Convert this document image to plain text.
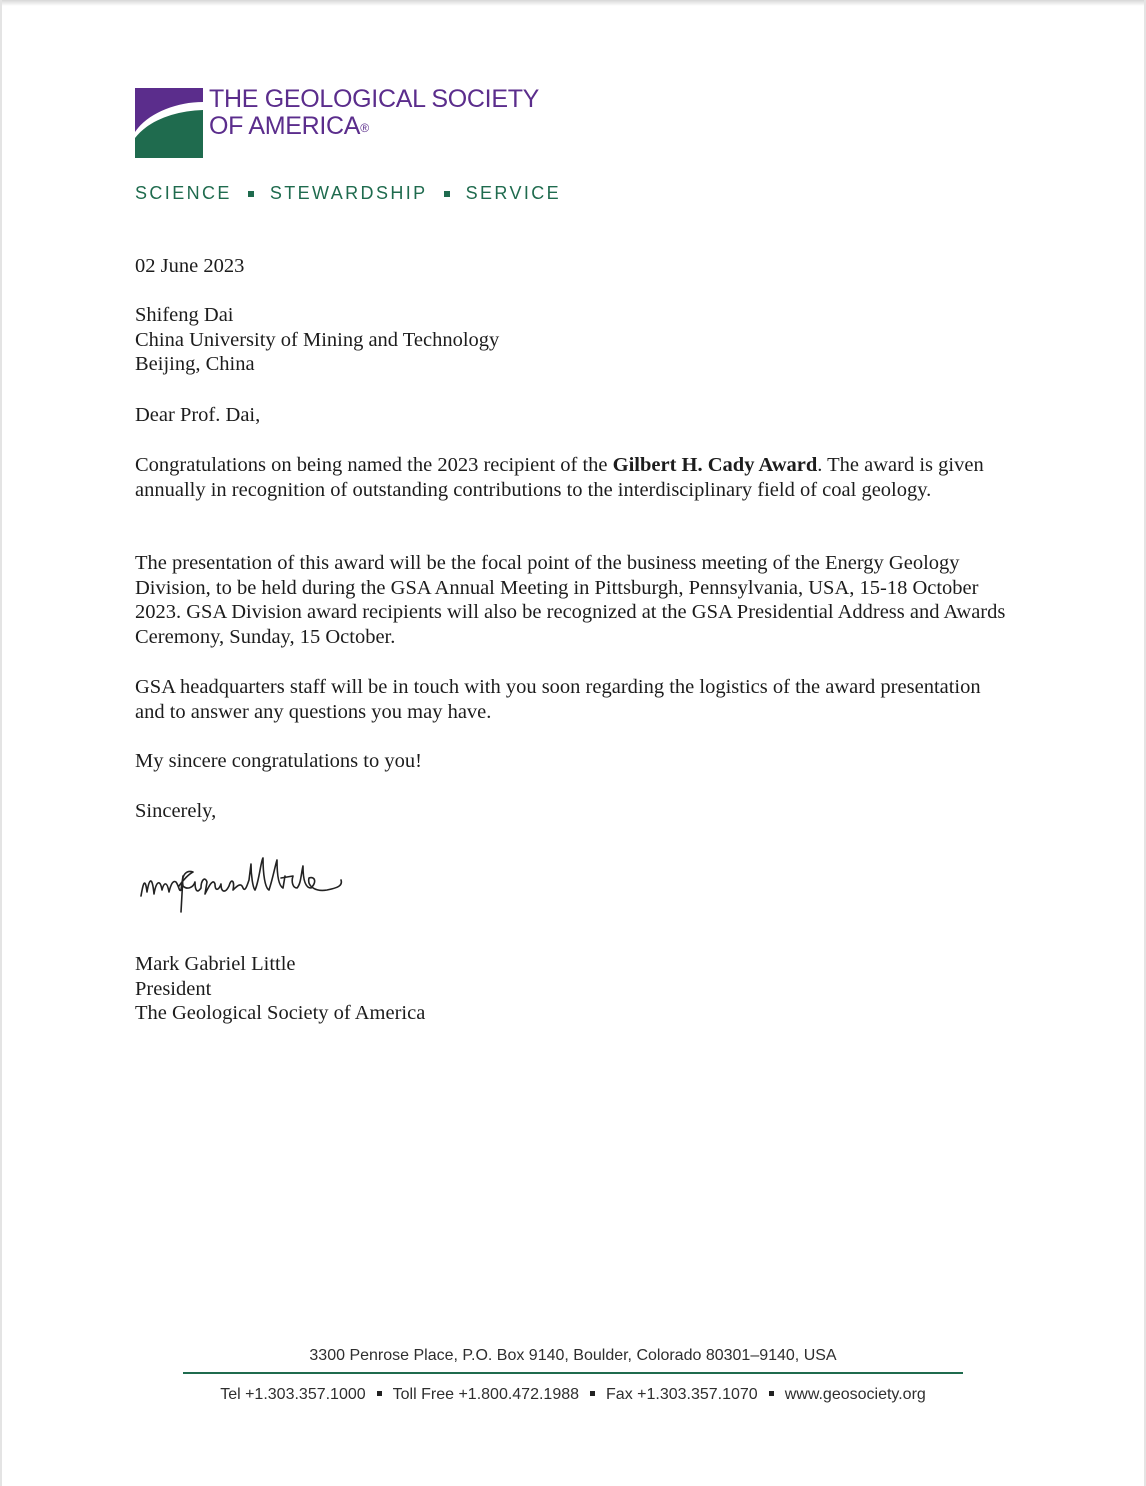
THE GEOLOGICAL SOCIETY
OF AMERICA®
SCIENCE STEWARDSHIP SERVICE
02 June 2023

Shifeng Dai

China University of Mining and Technology

Beijing, China

Dear Prof. Dai,
Congratulations on being named the 2023 recipient of the Gilbert H. Cady Award. The award is given annually in recognition of outstanding contributions to the interdisciplinary field of coal geology.
The presentation of this award will be the focal point of the business meeting of the Energy Geology Division, to be held during the GSA Annual Meeting in Pittsburgh, Pennsylvania, USA, 15-18 October 2023. GSA Division award recipients will also be recognized at the GSA Presidential Address and Awards Ceremony, Sunday, 15 October.
GSA headquarters staff will be in touch with you soon regarding the logistics of the award presentation and to answer any questions you may have.
My sincere congratulations to you!
Sincerely,

Mark Gabriel Little

President

The Geological Society of America

3300 Penrose Place, P.O. Box 9140, Boulder, Colorado 80301–9140, USA
Tel +1.303.357.1000 Toll Free +1.800.472.1988 Fax +1.303.357.1070 www.geosociety.org
